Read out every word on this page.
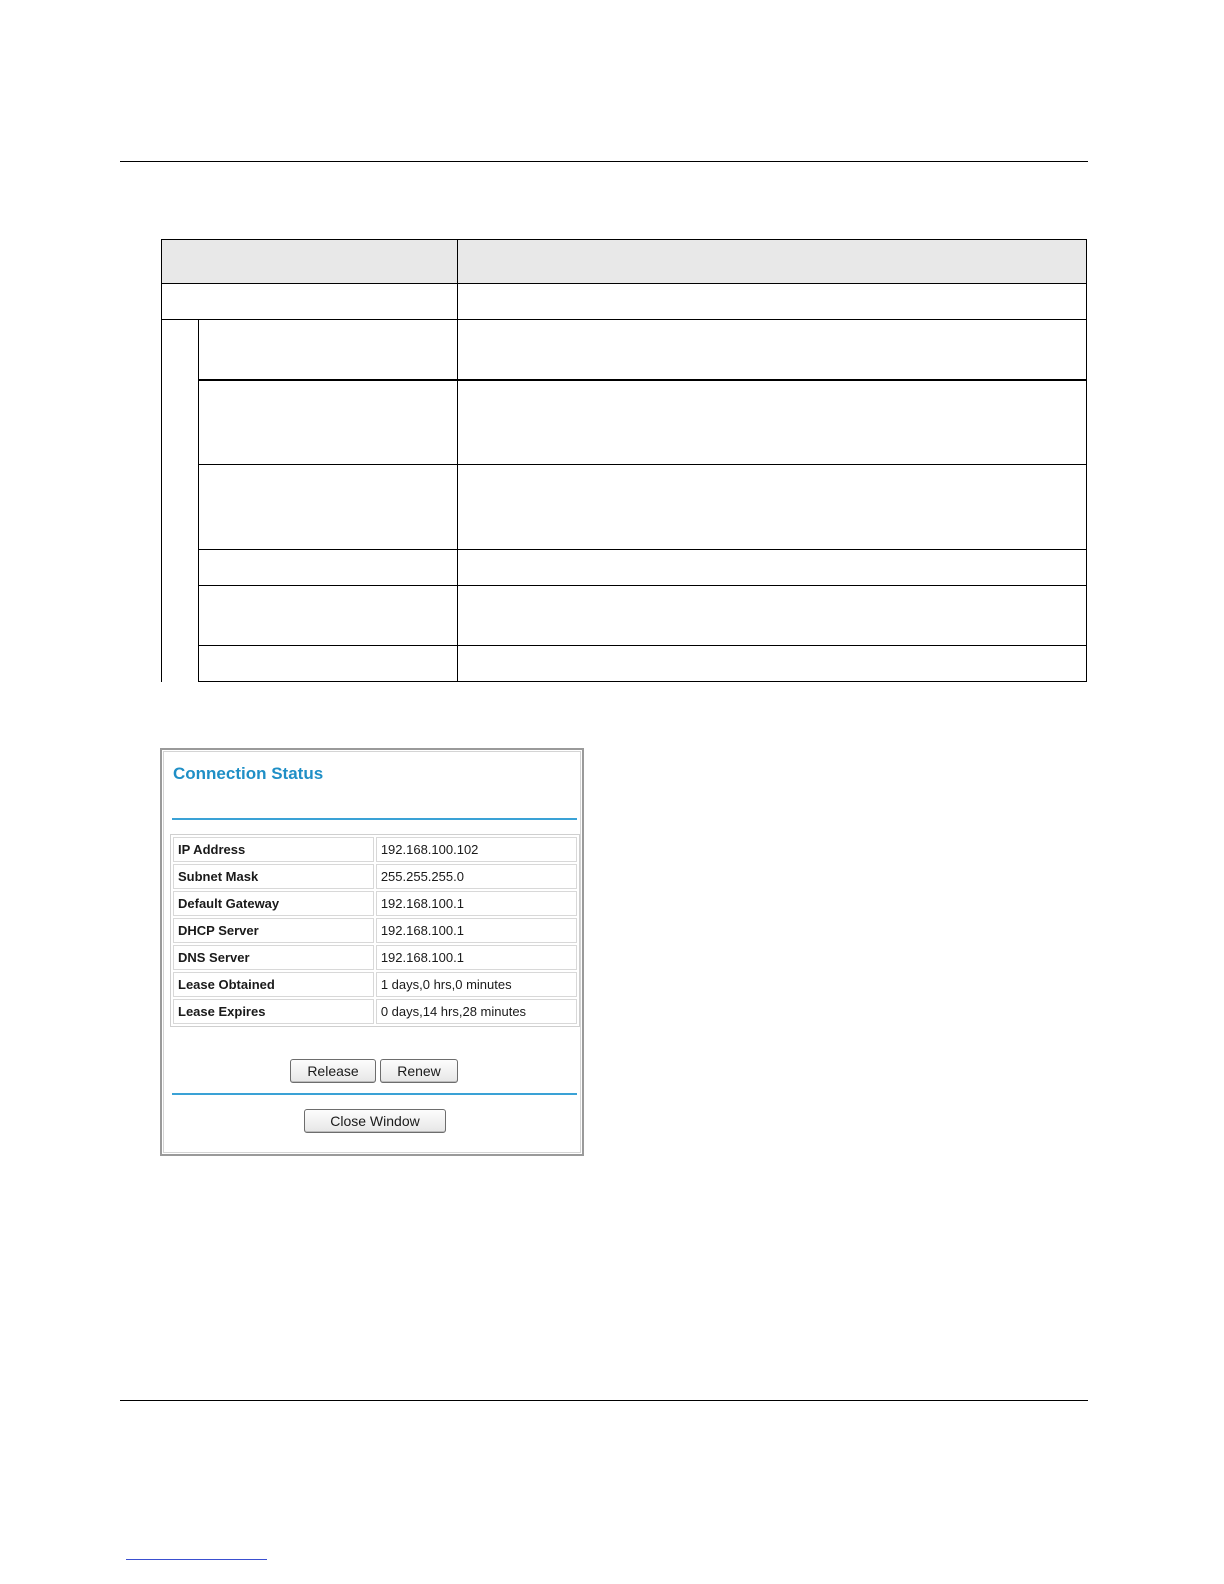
Connection Status
IP Address	192.168.100.102
Subnet Mask	255.255.255.0
Default Gateway	192.168.100.1
DHCP Server	192.168.100.1
DNS Server	192.168.100.1
Lease Obtained	1 days,0 hrs,0 minutes
Lease Expires	0 days,14 hrs,28 minutes
Release	Renew
Close Window
